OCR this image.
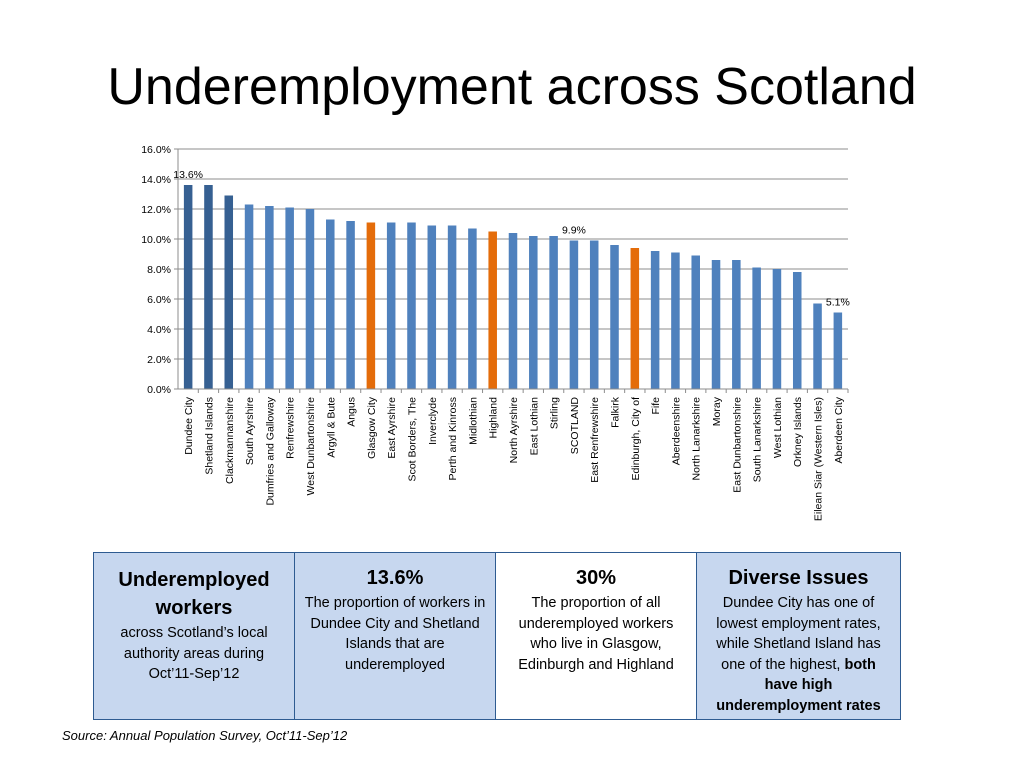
Underemployment across Scotland
0.0%
2.0%
4.0%
6.0%
8.0%
10.0%
12.0%
14.0%
16.0%
Dundee City Shetland Islands Clackmannanshire South Ayrshire Dumfries and Galloway Renfrewshire West Dunbartonshire Argyll & Bute Angus Glasgow City East Ayrshire Scot Borders, The Inverclyde Perth and Kinross Midlothian Highland North Ayrshire East Lothian Stirling SCOTLAND East Renfrewshire Falkirk Edinburgh, City of Fife Aberdeenshire North Lanarkshire Moray East Dunbartonshire South Lanarkshire West Lothian Orkney Islands Eilean Siar (Western Isles) Aberdeen City
13.6%
9.9%
5.1%
Underemployed
workers
across Scotland’s local authority areas during Oct’11-Sep’12
13.6%
The proportion of workers in Dundee City and Shetland Islands that are underemployed
30%
The proportion of all underemployed workers who live in Glasgow, Edinburgh and Highland
Diverse Issues
Dundee City has one of lowest employment rates, while Shetland Island has one of the highest, both have high underemployment rates
Source: Annual Population Survey, Oct’11-Sep’12
